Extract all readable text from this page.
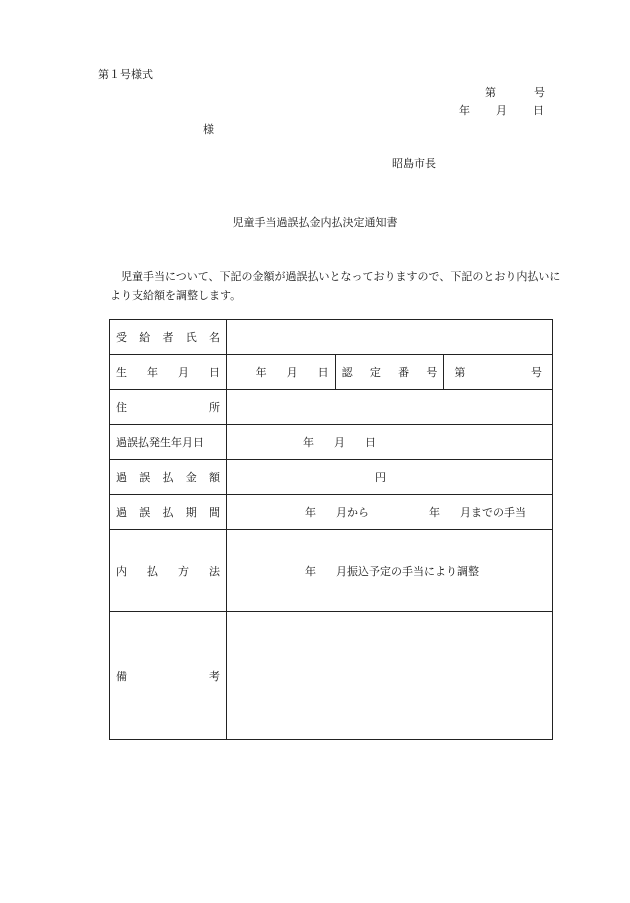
第１号様式
第	号
年 月 日
様
昭島市長
児童手当過誤払金内払決定通知書
児童手当について、下記の金額が過誤払いとなっておりますので、下記のとおり内払いにより支給額を調整します。
受 給 者 氏 名			

生 年 月 日	年 月 日	認 定 番 号	第 号

住 所			

過誤払発生年月日	年 月 日		

過 誤 払 金 額	円		

過 誤 払 期 間	年 月から 年 月までの手当		

内 払 方 法	年 月振込予定の手当により調整		

備 考			
